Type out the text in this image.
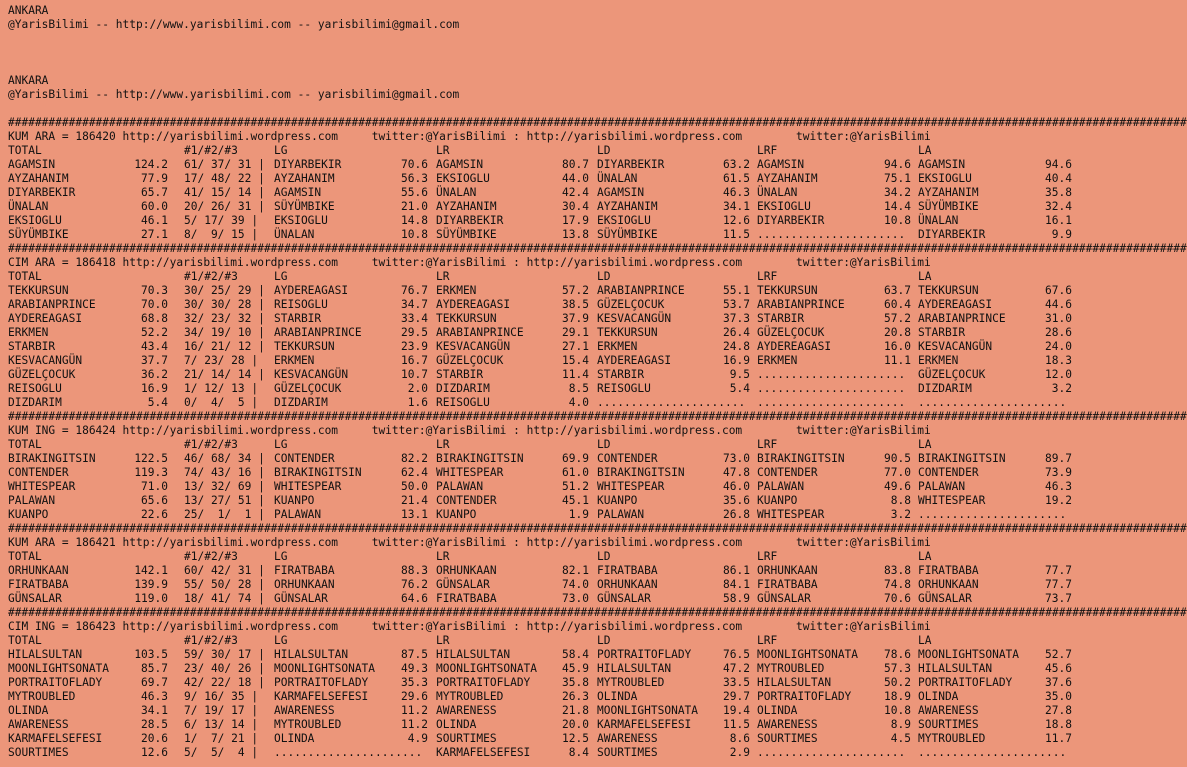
ANKARA
@YarisBilimi -- http://www.yarisbilimi.com -- yarisbilimi@gmail.com
ANKARA
@YarisBilimi -- http://www.yarisbilimi.com -- yarisbilimi@gmail.com
###############################################################################################################################################################################
KUM ARA = 186420 http://yarisbilimi.wordpress.com     twitter:@YarisBilimi : http://yarisbilimi.wordpress.com        twitter:@YarisBilimi
TOTAL	#1/#2/#3	LG	LR	LD	LRF	LA
AGAMSIN	124.2 61/ 37/ 31 | DIYARBEKIR	70.6 AGAMSIN	80.7 DIYARBEKIR	63.2 AGAMSIN	94.6 AGAMSIN	94.6
AYZAHANIM	77.9 17/ 48/ 22 | AYZAHANIM	56.3 EKSIOGLU	44.0 ÜNALAN	61.5 AYZAHANIM	75.1 EKSIOGLU	40.4
DIYARBEKIR	65.7 41/ 15/ 14 | AGAMSIN	55.6 ÜNALAN	42.4 AGAMSIN	46.3 ÜNALAN	34.2 AYZAHANIM	35.8
ÜNALAN	60.0 20/ 26/ 31 | SÜYÜMBIKE	21.0 AYZAHANIM	30.4 AYZAHANIM	34.1 EKSIOGLU	14.4 SÜYÜMBIKE	32.4
EKSIOGLU	46.1 5/ 17/ 39 | EKSIOGLU	14.8 DIYARBEKIR	17.9 EKSIOGLU	12.6 DIYARBEKIR	10.8 ÜNALAN	16.1
SÜYÜMBIKE	27.1 8/  9/ 15 | ÜNALAN	10.8 SÜYÜMBIKE	13.8 SÜYÜMBIKE	11.5 ...................... DIYARBEKIR	9.9
###############################################################################################################################################################################
CIM ARA = 186418 http://yarisbilimi.wordpress.com     twitter:@YarisBilimi : http://yarisbilimi.wordpress.com        twitter:@YarisBilimi
TOTAL	#1/#2/#3	LG	LR	LD	LRF	LA
TEKKURSUN	70.3 30/ 25/ 29 | AYDEREAGASI	76.7 ERKMEN	57.2 ARABIANPRINCE	55.1 TEKKURSUN	63.7 TEKKURSUN	67.6
ARABIANPRINCE	70.0 30/ 30/ 28 | REISOGLU	34.7 AYDEREAGASI	38.5 GÜZELÇOCUK	53.7 ARABIANPRINCE	60.4 AYDEREAGASI	44.6
AYDEREAGASI	68.8 32/ 23/ 32 | STARBIR	33.4 TEKKURSUN	37.9 KESVACANGÜN	37.3 STARBIR	57.2 ARABIANPRINCE	31.0
ERKMEN	52.2 34/ 19/ 10 | ARABIANPRINCE	29.5 ARABIANPRINCE	29.1 TEKKURSUN	26.4 GÜZELÇOCUK	20.8 STARBIR	28.6
STARBIR	43.4 16/ 21/ 12 | TEKKURSUN	23.9 KESVACANGÜN	27.1 ERKMEN	24.8 AYDEREAGASI	16.0 KESVACANGÜN	24.0
KESVACANGÜN	37.7 7/ 23/ 28 | ERKMEN	16.7 GÜZELÇOCUK	15.4 AYDEREAGASI	16.9 ERKMEN	11.1 ERKMEN	18.3
GÜZELÇOCUK	36.2 21/ 14/ 14 | KESVACANGÜN	10.7 STARBIR	11.4 STARBIR	9.5 ...................... GÜZELÇOCUK	12.0
REISOGLU	16.9 1/ 12/ 13 | GÜZELÇOCUK	2.0 DIZDARIM	8.5 REISOGLU	5.4 ...................... DIZDARIM	3.2
DIZDARIM	5.4 0/  4/  5 | DIZDARIM	1.6 REISOGLU	4.0 ...................... ...................... ......................
###############################################################################################################################################################################
KUM ING = 186424 http://yarisbilimi.wordpress.com     twitter:@YarisBilimi : http://yarisbilimi.wordpress.com        twitter:@YarisBilimi
TOTAL	#1/#2/#3	LG	LR	LD	LRF	LA
BIRAKINGITSIN	122.5 46/ 68/ 34 | CONTENDER	82.2 BIRAKINGITSIN	69.9 CONTENDER	73.0 BIRAKINGITSIN	90.5 BIRAKINGITSIN	89.7
CONTENDER	119.3 74/ 43/ 16 | BIRAKINGITSIN	62.4 WHITESPEAR	61.0 BIRAKINGITSIN	47.8 CONTENDER	77.0 CONTENDER	73.9
WHITESPEAR	71.0 13/ 32/ 69 | WHITESPEAR	50.0 PALAWAN	51.2 WHITESPEAR	46.0 PALAWAN	49.6 PALAWAN	46.3
PALAWAN	65.6 13/ 27/ 51 | KUANPO	21.4 CONTENDER	45.1 KUANPO	35.6 KUANPO	8.8 WHITESPEAR	19.2
KUANPO	22.6 25/  1/  1 | PALAWAN	13.1 KUANPO	1.9 PALAWAN	26.8 WHITESPEAR	3.2 ......................
###############################################################################################################################################################################
KUM ARA = 186421 http://yarisbilimi.wordpress.com     twitter:@YarisBilimi : http://yarisbilimi.wordpress.com        twitter:@YarisBilimi
TOTAL	#1/#2/#3	LG	LR	LD	LRF	LA
ORHUNKAAN	142.1 60/ 42/ 31 | FIRATBABA	88.3 ORHUNKAAN	82.1 FIRATBABA	86.1 ORHUNKAAN	83.8 FIRATBABA	77.7
FIRATBABA	139.9 55/ 50/ 28 | ORHUNKAAN	76.2 GÜNSALAR	74.0 ORHUNKAAN	84.1 FIRATBABA	74.8 ORHUNKAAN	77.7
GÜNSALAR	119.0 18/ 41/ 74 | GÜNSALAR	64.6 FIRATBABA	73.0 GÜNSALAR	58.9 GÜNSALAR	70.6 GÜNSALAR	73.7
###############################################################################################################################################################################
CIM ING = 186423 http://yarisbilimi.wordpress.com     twitter:@YarisBilimi : http://yarisbilimi.wordpress.com        twitter:@YarisBilimi
TOTAL	#1/#2/#3	LG	LR	LD	LRF	LA
HILALSULTAN	103.5 59/ 30/ 17 | HILALSULTAN	87.5 HILALSULTAN	58.4 PORTRAITOFLADY	76.5 MOONLIGHTSONATA 78.6 MOONLIGHTSONATA 52.7
MOONLIGHTSONATA	85.7 23/ 40/ 26 | MOONLIGHTSONATA 49.3 MOONLIGHTSONATA 45.9 HILALSULTAN	47.2 MYTROUBLED	57.3 HILALSULTAN	45.6
PORTRAITOFLADY	69.7 42/ 22/ 18 | PORTRAITOFLADY	35.3 PORTRAITOFLADY	35.8 MYTROUBLED	33.5 HILALSULTAN	50.2 PORTRAITOFLADY	37.6
MYTROUBLED	46.3 9/ 16/ 35 | KARMAFELSEFESI	29.6 MYTROUBLED	26.3 OLINDA	29.7 PORTRAITOFLADY	18.9 OLINDA	35.0
OLINDA	34.1 7/ 19/ 17 | AWARENESS	11.2 AWARENESS	21.8 MOONLIGHTSONATA 19.4 OLINDA	10.8 AWARENESS	27.8
AWARENESS	28.5 6/ 13/ 14 | MYTROUBLED	11.2 OLINDA	20.0 KARMAFELSEFESI	11.5 AWARENESS	8.9 SOURTIMES	18.8
KARMAFELSEFESI	20.6 1/  7/ 21 | OLINDA	4.9 SOURTIMES	12.5 AWARENESS	8.6 SOURTIMES	4.5 MYTROUBLED	11.7
SOURTIMES	12.6 5/  5/  4 | ...................... KARMAFELSEFESI	8.4 SOURTIMES	2.9 ...................... ......................
